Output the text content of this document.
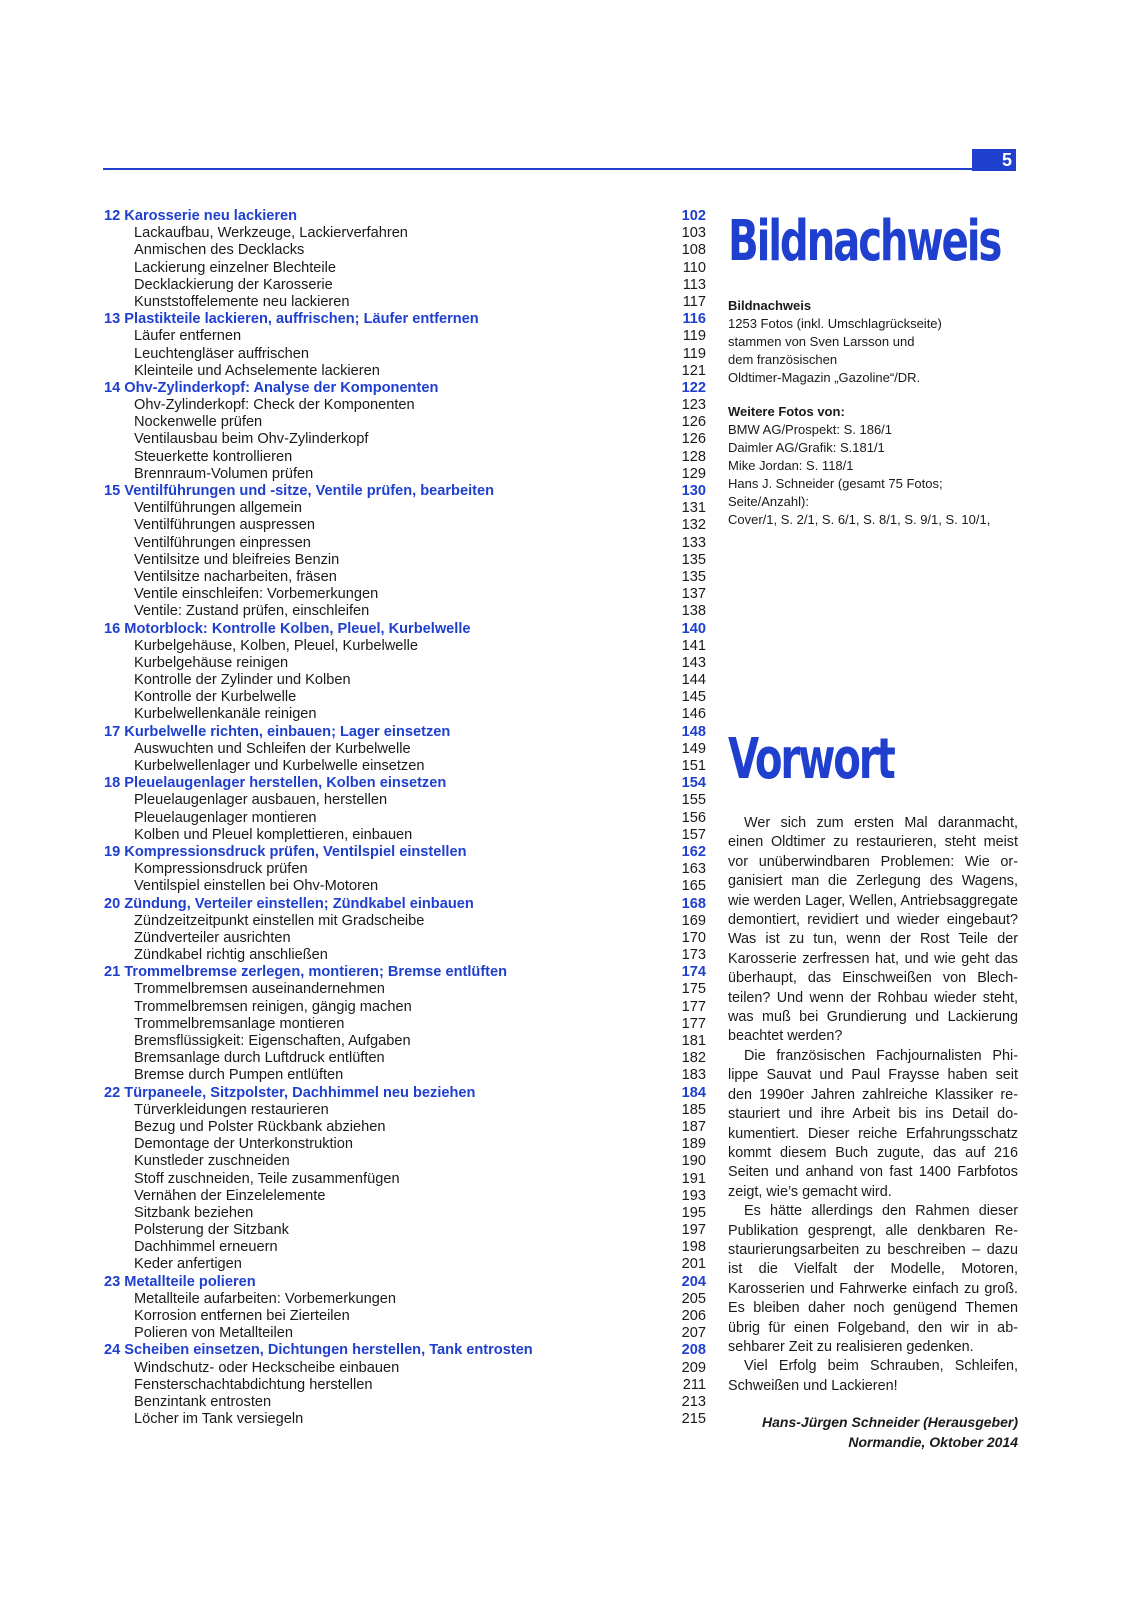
5
12 Karosserie neu lackieren	102
Lackaufbau, Werkzeuge, Lackierverfahren	103
Anmischen des Decklacks	108
Lackierung einzelner Blechteile	110
Decklackierung der Karosserie	113
Kunststoffelemente neu lackieren	117
13 Plastikteile lackieren, auffrischen; Läufer entfernen	116
Läufer entfernen	119
Leuchtengläser auffrischen	119
Kleinteile und Achselemente lackieren	121
14 Ohv-Zylinderkopf: Analyse der Komponenten	122
Ohv-Zylinderkopf: Check der Komponenten	123
Nockenwelle prüfen	126
Ventilausbau beim Ohv-Zylinderkopf	126
Steuerkette kontrollieren	128
Brennraum-Volumen prüfen	129
15 Ventilführungen und -sitze, Ventile prüfen, bearbeiten	130
Ventilführungen allgemein	131
Ventilführungen auspressen	132
Ventilführungen einpressen	133
Ventilsitze und bleifreies Benzin	135
Ventilsitze nacharbeiten, fräsen	135
Ventile einschleifen: Vorbemerkungen	137
Ventile: Zustand prüfen, einschleifen	138
16 Motorblock: Kontrolle Kolben, Pleuel, Kurbelwelle	140
Kurbelgehäuse, Kolben, Pleuel, Kurbelwelle	141
Kurbelgehäuse reinigen	143
Kontrolle der Zylinder und Kolben	144
Kontrolle der Kurbelwelle	145
Kurbelwellenkanäle reinigen	146
17 Kurbelwelle richten, einbauen; Lager einsetzen	148
Auswuchten und Schleifen der Kurbelwelle	149
Kurbelwellenlager und Kurbelwelle einsetzen	151
18 Pleuelaugenlager herstellen, Kolben einsetzen	154
Pleuelaugenlager ausbauen, herstellen	155
Pleuelaugenlager montieren	156
Kolben und Pleuel komplettieren, einbauen	157
19 Kompressionsdruck prüfen, Ventilspiel einstellen	162
Kompressionsdruck prüfen	163
Ventilspiel einstellen bei Ohv-Motoren	165
20 Zündung, Verteiler einstellen; Zündkabel einbauen	168
Zündzeitzeitpunkt einstellen mit Gradscheibe	169
Zündverteiler ausrichten	170
Zündkabel richtig anschließen	173
21 Trommelbremse zerlegen, montieren; Bremse entlüften	174
Trommelbremsen auseinandernehmen	175
Trommelbremsen reinigen, gängig machen	177
Trommelbremsanlage montieren	177
Bremsflüssigkeit: Eigenschaften, Aufgaben	181
Bremsanlage durch Luftdruck entlüften	182
Bremse durch Pumpen entlüften	183
22 Türpaneele, Sitzpolster, Dachhimmel neu beziehen	184
Türverkleidungen restaurieren	185
Bezug und Polster Rückbank abziehen	187
Demontage der Unterkonstruktion	189
Kunstleder zuschneiden	190
Stoff zuschneiden, Teile zusammenfügen	191
Vernähen der Einzelelemente	193
Sitzbank beziehen	195
Polsterung der Sitzbank	197
Dachhimmel erneuern	198
Keder anfertigen	201
23 Metallteile polieren	204
Metallteile aufarbeiten: Vorbemerkungen	205
Korrosion entfernen bei Zierteilen	206
Polieren von Metallteilen	207
24 Scheiben einsetzen, Dichtungen herstellen, Tank entrosten	208
Windschutz- oder Heckscheibe einbauen	209
Fensterschachtabdichtung herstellen	211
Benzintank entrosten	213
Löcher im Tank versiegeln	215
Bildnachweis

Bildnachweis

1253 Fotos (inkl. Umschlagrückseite)

stammen von Sven Larsson und

dem französischen

Oldtimer-Magazin „Gazoline“/DR.

Weitere Fotos von:

BMW AG/Prospekt: S. 186/1

Daimler AG/Grafik: S.181/1

Mike Jordan: S. 118/1

Hans J. Schneider (gesamt 75 Fotos;

Seite/Anzahl):

Cover/1, S. 2/1, S. 6/1, S. 8/1, S. 9/1, S. 10/1,

Vorwort

Wer sich zum ersten Mal daranmacht, einen Oldtimer zu restaurieren, steht meist vor unüberwindbaren Problemen: Wie organisiert man die Zerlegung des Wagens, wie werden Lager, Wellen, Antriebsaggregate demontiert, revidiert und wieder eingebaut? Was ist zu tun, wenn der Rost Teile der Karosserie zerfressen hat, und wie geht das überhaupt, das Einschweißen von Blechteilen? Und wenn der Rohbau wieder steht, was muß bei Grundierung und Lackierung beachtet werden?

Die französischen Fachjournalisten Philippe Sauvat und Paul Fraysse haben seit den 1990er Jahren zahlreiche Klassiker restauriert und ihre Arbeit bis ins Detail dokumentiert. Dieser reiche Erfahrungsschatz kommt diesem Buch zugute, das auf 216 Seiten und anhand von fast 1400 Farbfotos zeigt, wie’s gemacht wird.

Es hätte allerdings den Rahmen dieser Publikation gesprengt, alle denkbaren Restaurierungsarbeiten zu beschreiben – dazu ist die Vielfalt der Modelle, Motoren, Karosserien und Fahrwerke einfach zu groß. Es bleiben daher noch genügend Themen übrig für einen Folgeband, den wir in absehbarer Zeit zu realisieren gedenken.

Viel Erfolg beim Schrauben, Schleifen, Schweißen und Lackieren!

Hans-Jürgen Schneider (Herausgeber)
Normandie, Oktober 2014
